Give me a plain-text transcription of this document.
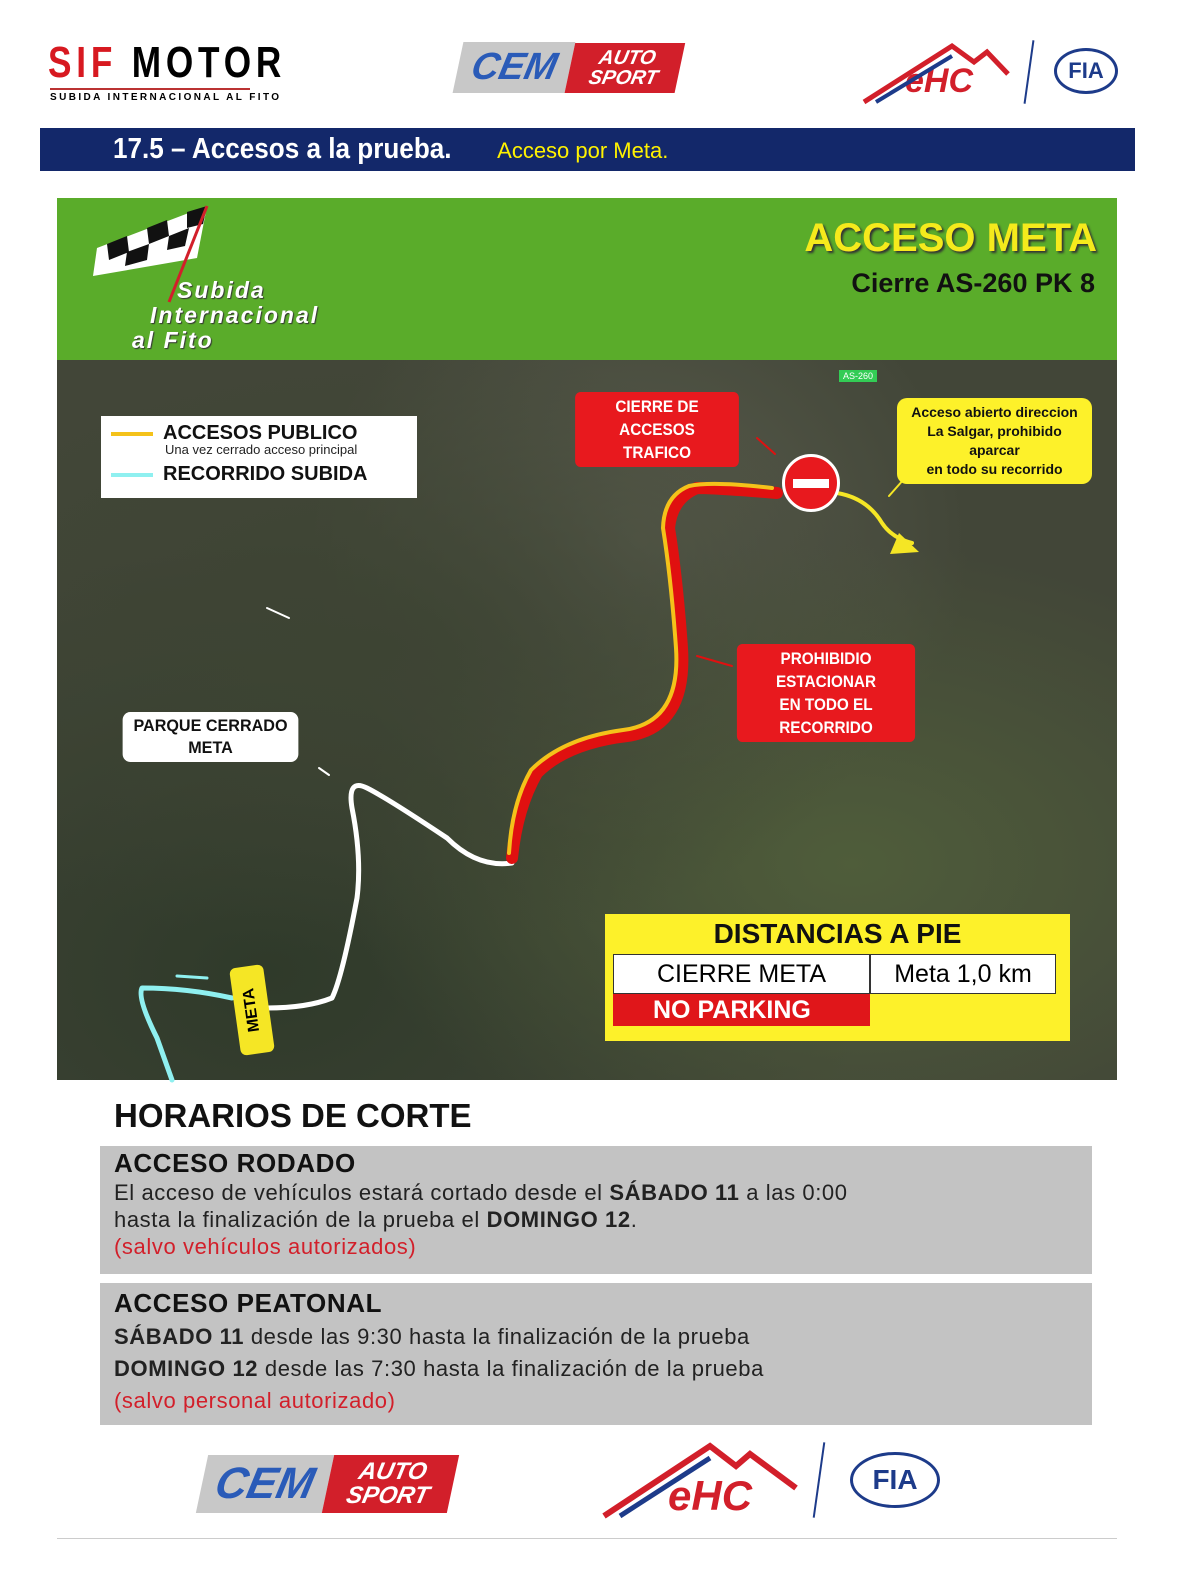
SIF MOTOR
SUBIDA INTERNACIONAL AL FITO
CEM	AUTO SPORT	eHC	FIA
17.5 – Accesos a la prueba. Acceso por Meta.
Subida
Internacional
al Fito
ACCESO META
Cierre AS-260 PK 8
ACCESOS PUBLICO
Una vez cerrado acceso principal
RECORRIDO SUBIDA
CIERRE DE ACCESOS
TRAFICO
Acceso abierto direccion
La Salgar, prohibido aparcar
en todo su recorrido
PROHIBIDIO ESTACIONAR
EN TODO EL RECORRIDO
PARQUE CERRADO
META
AS-260
META
DISTANCIAS A PIE
CIERRE META	Meta 1,0 km
NO PARKING
HORARIOS DE CORTE
ACCESO RODADO
El acceso de vehículos estará cortado desde el SÁBADO 11 a las 0:00
hasta la finalización de la prueba el DOMINGO 12.
(salvo vehículos autorizados)
ACCESO PEATONAL
SÁBADO 11 desde las 9:30 hasta la finalización de la prueba
DOMINGO 12 desde las 7:30 hasta la finalización de la prueba
(salvo personal autorizado)
CEM	AUTO SPORT	eHC	FIA
